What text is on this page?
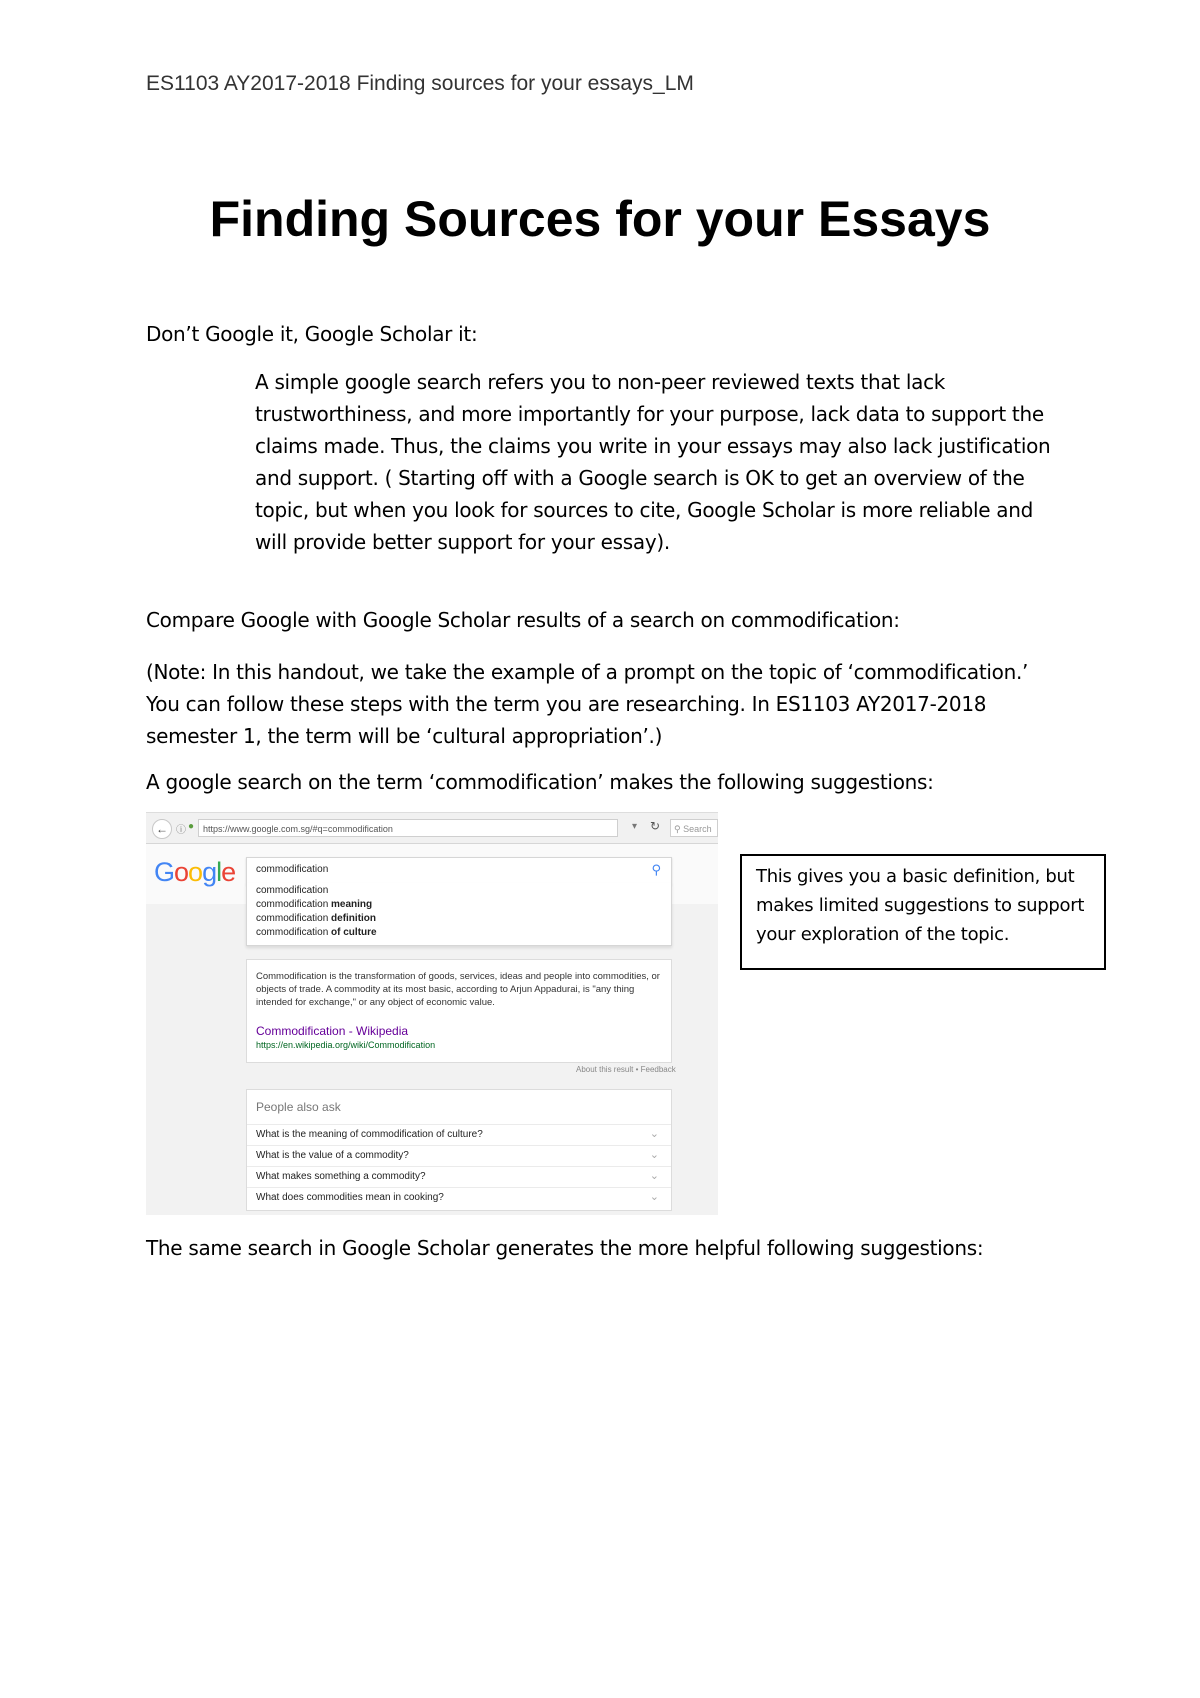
ES1103 AY2017-2018 Finding sources for your essays_LM
Finding Sources for your Essays
Don’t Google it, Google Scholar it:
A simple google search refers you to non-peer reviewed texts that lack trustworthiness, and more importantly for your purpose, lack data to support the claims made. Thus, the claims you write in your essays may also lack justification and support. ( Starting off with a Google search is OK to get an overview of the topic, but when you look for sources to cite, Google Scholar is more reliable and will provide better support for your essay).
Compare Google with Google Scholar results of a search on commodification:
(Note: In this handout, we take the example of a prompt on the topic of ‘commodification.’ You can follow these steps with the term you are researching. In ES1103 AY2017-2018 semester 1, the term will be ‘cultural appropriation’.)
A google search on the term ‘commodification’ makes the following suggestions:
← ⓘ ● https://www.google.com.sg/#q=commodification	▾ ↻	⚲ Search
Google commodification	⚲
commodification
commodification meaning
commodification definition
commodification of culture
Commodification is the transformation of goods, services, ideas and people into commodities, or objects of trade. A commodity at its most basic, according to Arjun Appadurai, is "any thing intended for exchange," or any object of economic value.
Commodification - Wikipedia
https://en.wikipedia.org/wiki/Commodification
About this result • Feedback
People also ask
What is the meaning of commodification of culture?	⌄
What is the value of a commodity?	⌄
What makes something a commodity?	⌄
What does commodities mean in cooking?	⌄
This gives you a basic definition, but makes limited suggestions to support your exploration of the topic.
The same search in Google Scholar generates the more helpful following suggestions:
